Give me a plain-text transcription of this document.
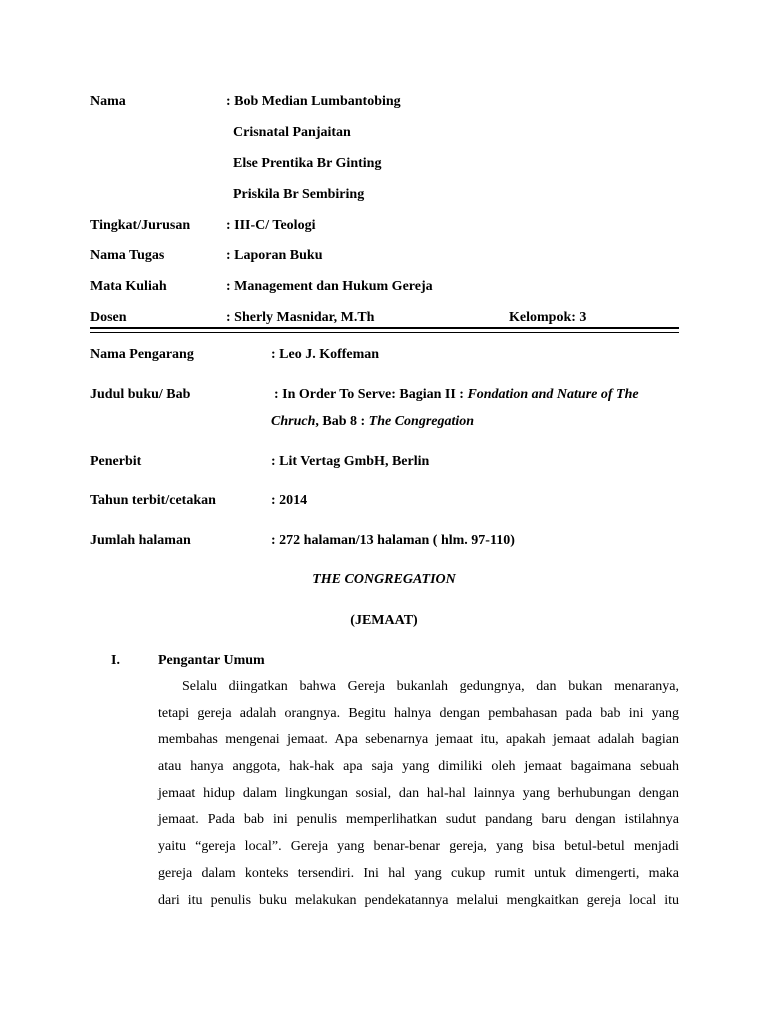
Nama	: Bob Median Lumbantobing
Crisnatal Panjaitan
Else Prentika Br Ginting
Priskila Br Sembiring
Tingkat/Jurusan	: III-C/ Teologi
Nama Tugas	: Laporan Buku
Mata Kuliah	: Management dan Hukum Gereja
Dosen	: Sherly Masnidar, M.Th	Kelompok: 3
Nama Pengarang	: Leo J. Koffeman
Judul buku/ Bab	: In Order To Serve: Bagian II : Fondation and Nature of The
Chruch, Bab 8 : The Congregation
Penerbit	: Lit Vertag GmbH, Berlin
Tahun terbit/cetakan	: 2014
Jumlah halaman	: 272 halaman/13 halaman ( hlm. 97-110)
THE CONGREGATION
(JEMAAT)
I.	Pengantar Umum
Selalu diingatkan bahwa Gereja bukanlah gedungnya, dan bukan menaranya,
tetapi gereja adalah orangnya. Begitu halnya dengan pembahasan pada bab ini yang
membahas mengenai jemaat. Apa sebenarnya jemaat itu, apakah jemaat adalah bagian
atau hanya anggota, hak-hak apa saja yang dimiliki oleh jemaat bagaimana sebuah
jemaat hidup dalam lingkungan sosial, dan hal-hal lainnya yang berhubungan dengan
jemaat. Pada bab ini penulis memperlihatkan sudut pandang baru dengan istilahnya
yaitu “gereja local”. Gereja yang benar-benar gereja, yang bisa betul-betul menjadi
gereja dalam konteks tersendiri. Ini hal yang cukup rumit untuk dimengerti, maka
dari itu penulis buku melakukan pendekatannya melalui mengkaitkan gereja local itu
